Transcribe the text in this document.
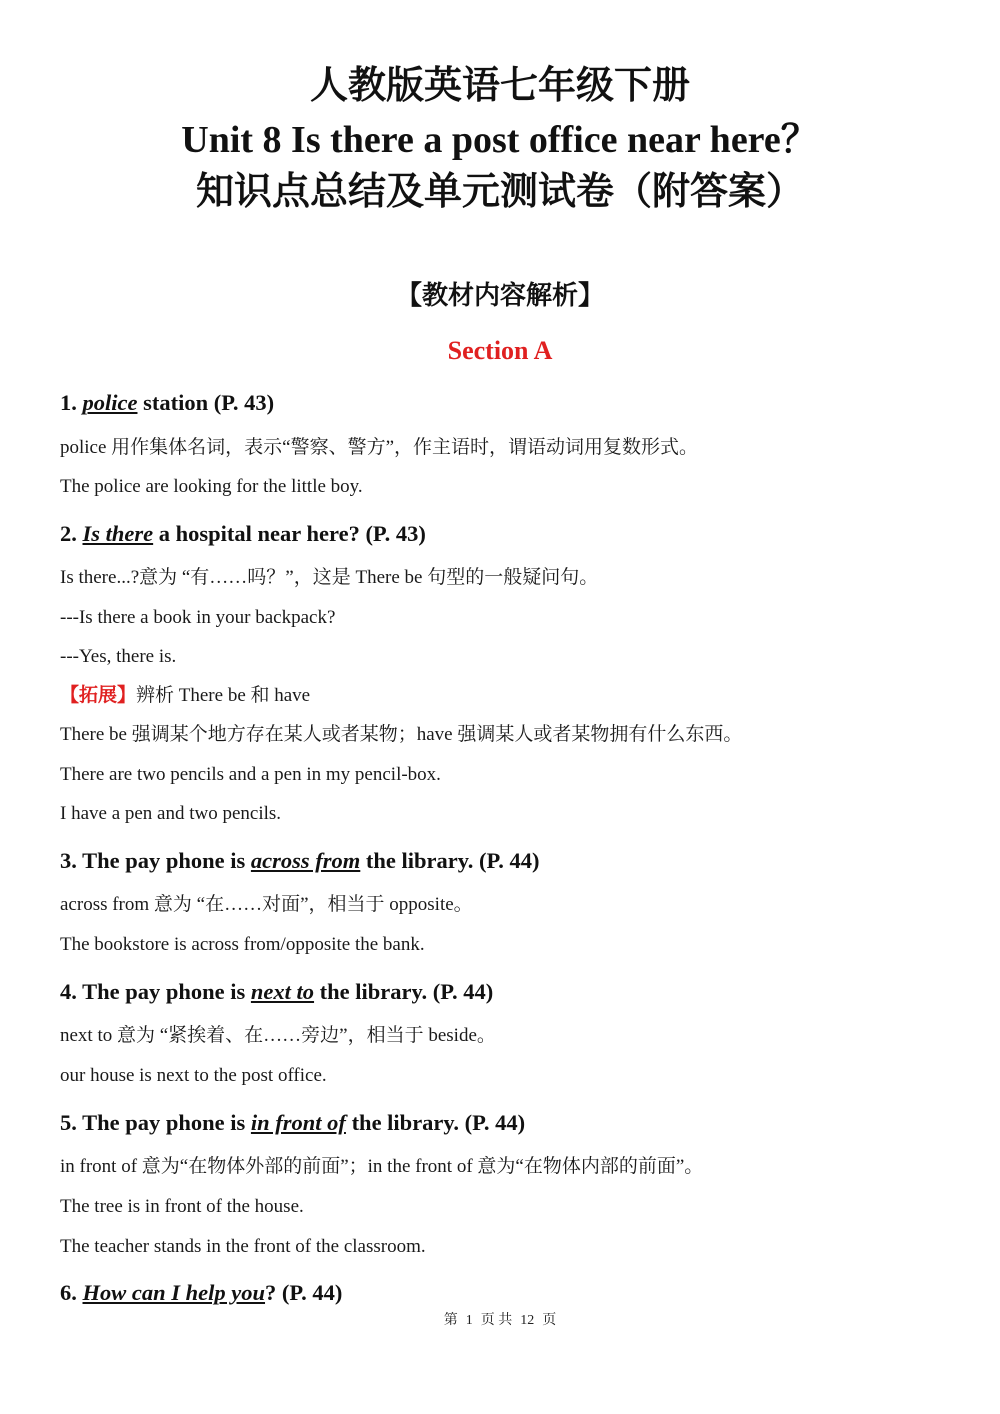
人教版英语七年级下册
Unit 8 Is there a post office near here？
知识点总结及单元测试卷（附答案）
【教材内容解析】
Section A
1. police station (P. 43)
police 用作集体名词，表示“警察、警方”，作主语时，谓语动词用复数形式。
The police are looking for the little boy.
2. Is there a hospital near here? (P. 43)
Is there...?意为 “有……吗？”，这是 There be 句型的一般疑问句。
---Is there a book in your backpack?
---Yes, there is.
【拓展】辨析 There be 和 have
There be 强调某个地方存在某人或者某物；have 强调某人或者某物拥有什么东西。
There are two pencils and a pen in my pencil-box.
I have a pen and two pencils.
3. The pay phone is across from the library. (P. 44)
across from 意为 “在……对面”，相当于 opposite。
The bookstore is across from/opposite the bank.
4. The pay phone is next to the library. (P. 44)
next to 意为 “紧挨着、在……旁边”，相当于 beside。
our house is next to the post office.
5. The pay phone is in front of the library. (P. 44)
in front of 意为“在物体外部的前面”；in the front of 意为“在物体内部的前面”。
The tree is in front of the house.
The teacher stands in the front of the classroom.
6. How can I help you? (P. 44)
第 1 页 共 12 页
